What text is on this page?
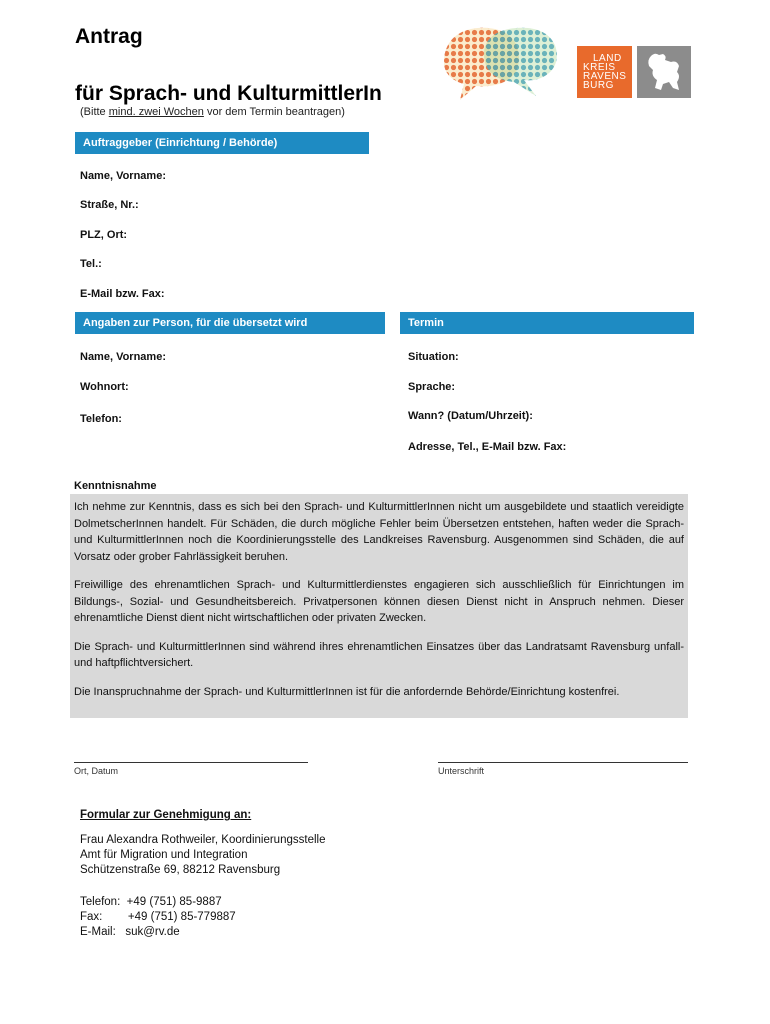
Antrag
für Sprach- und KulturmittlerIn
(Bitte mind. zwei Wochen vor dem Termin beantragen)
LAND
KREIS
RAVENS
BURG
Auftraggeber (Einrichtung / Behörde)
Name, Vorname:
Straße, Nr.:
PLZ, Ort:
Tel.:
E-Mail bzw. Fax:
Angaben zur Person, für die übersetzt wird
Name, Vorname:
Wohnort:
Telefon:
Termin
Situation:
Sprache:
Wann? (Datum/Uhrzeit):
Adresse, Tel., E-Mail bzw. Fax:
Kenntnisnahme

Ich nehme zur Kenntnis, dass es sich bei den Sprach- und KulturmittlerInnen nicht um ausgebildete und staatlich vereidigte DolmetscherInnen handelt. Für Schäden, die durch mögliche Fehler beim Übersetzen entstehen, haften weder die Sprach- und KulturmittlerInnen noch die Koordinierungsstelle des Landkreises Ravensburg. Ausgenommen sind Schäden, die auf Vorsatz oder grober Fahrlässigkeit beruhen.

Freiwillige des ehrenamtlichen Sprach- und Kulturmittlerdienstes engagieren sich ausschließlich für Einrichtungen im Bildungs-, Sozial- und Gesundheitsbereich. Privatpersonen können diesen Dienst nicht in Anspruch nehmen. Dieser ehrenamtliche Dienst dient nicht wirtschaftlichen oder privaten Zwecken.

Die Sprach- und KulturmittlerInnen sind während ihres ehrenamtlichen Einsatzes über das Landratsamt Ravensburg unfall- und haftpflichtversichert.

Die Inanspruchnahme der Sprach- und KulturmittlerInnen ist für die anfordernde Behörde/Einrichtung kostenfrei.

Ort, Datum	Unterschrift
Formular zur Genehmigung an:
Frau Alexandra Rothweiler, Koordinierungsstelle
Amt für Migration und Integration
Schützenstraße 69, 88212 Ravensburg
Telefon:  +49 (751) 85-9887
Fax:        +49 (751) 85-779887
E-Mail:   suk@rv.de
